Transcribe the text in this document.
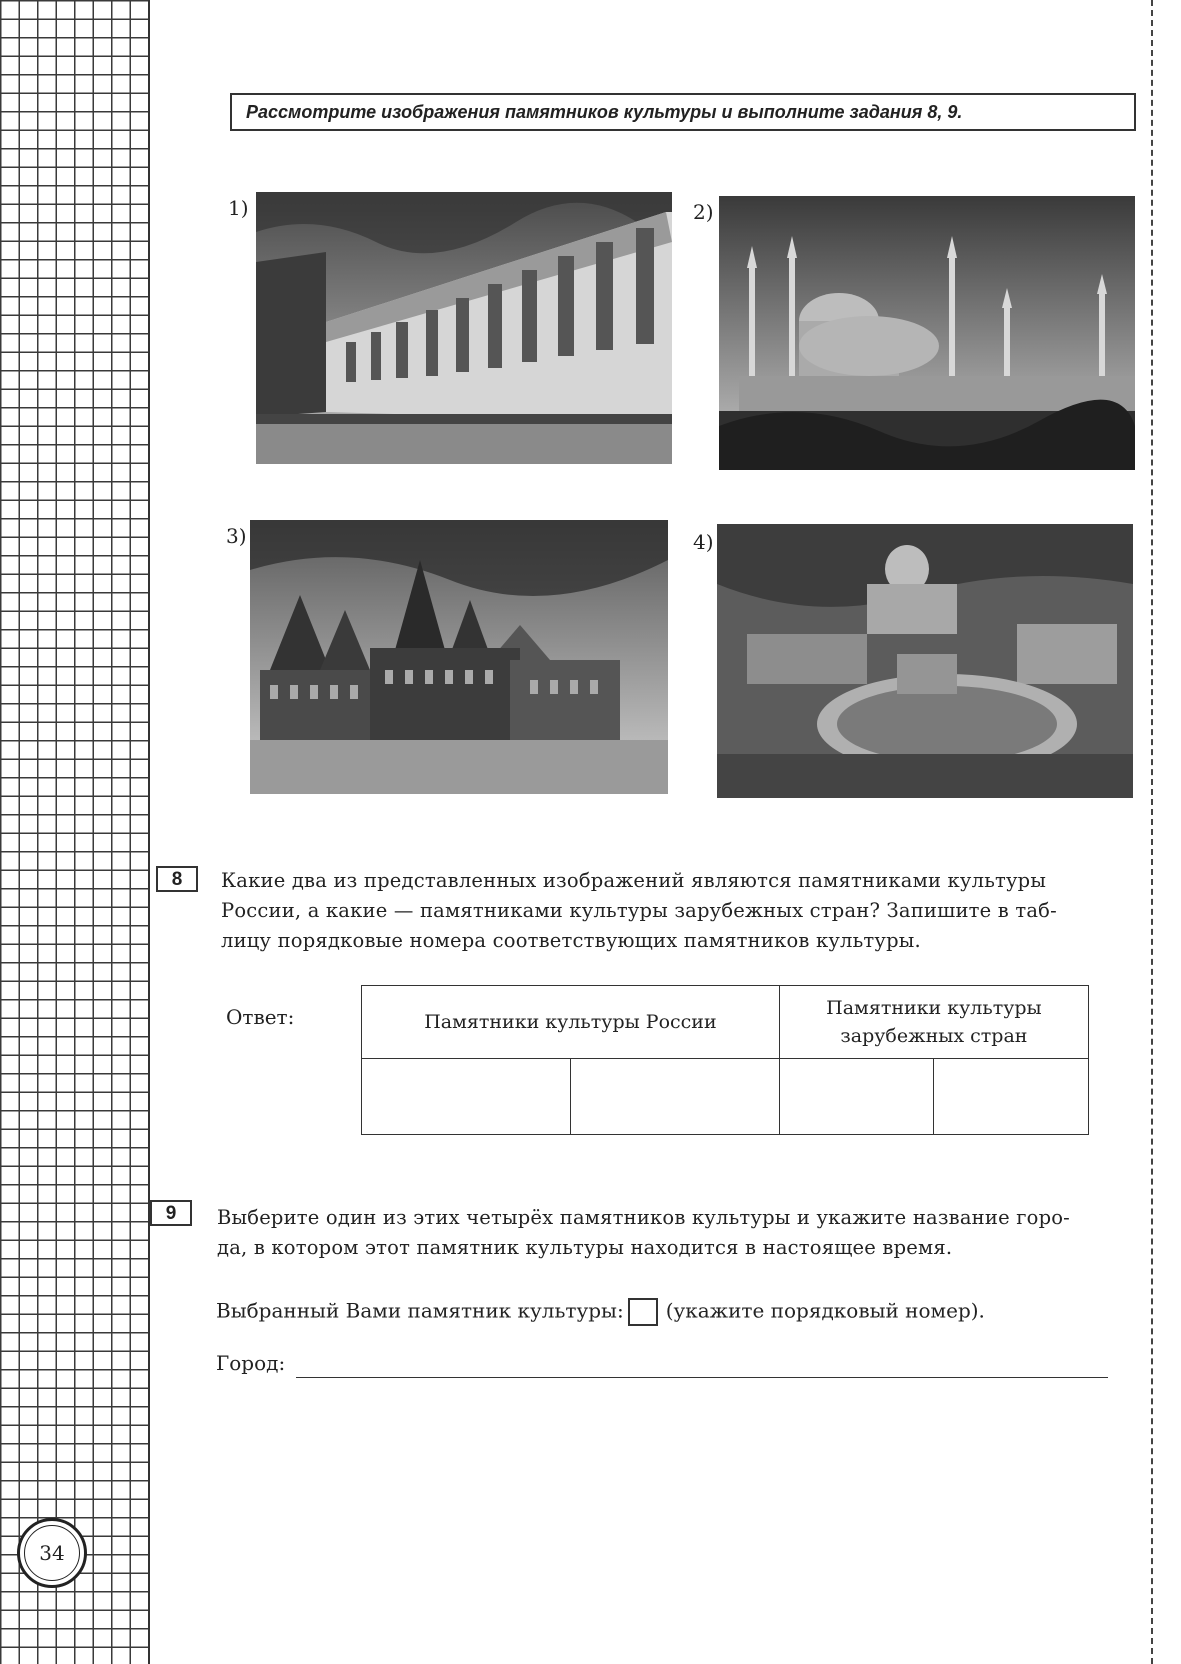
34
Рассмотрите изображения памятников культуры и выполните задания 8, 9.
1)	2)
3)	4)
8	Какие два из представленных изображений являются памятниками культуры
России, а какие — памятниками культуры зарубежных стран? Запишите в таб-
лицу порядковые номера соответствующих памятников культуры.
Ответ:	Памятники культуры России		Памятники культуры
зарубежных стран	

9	Выберите один из этих четырёх памятников культуры и укажите название горо-
да, в котором этот памятник культуры находится в настоящее время.
Выбранный Вами памятник культуры: (укажите порядковый номер).
Город:
